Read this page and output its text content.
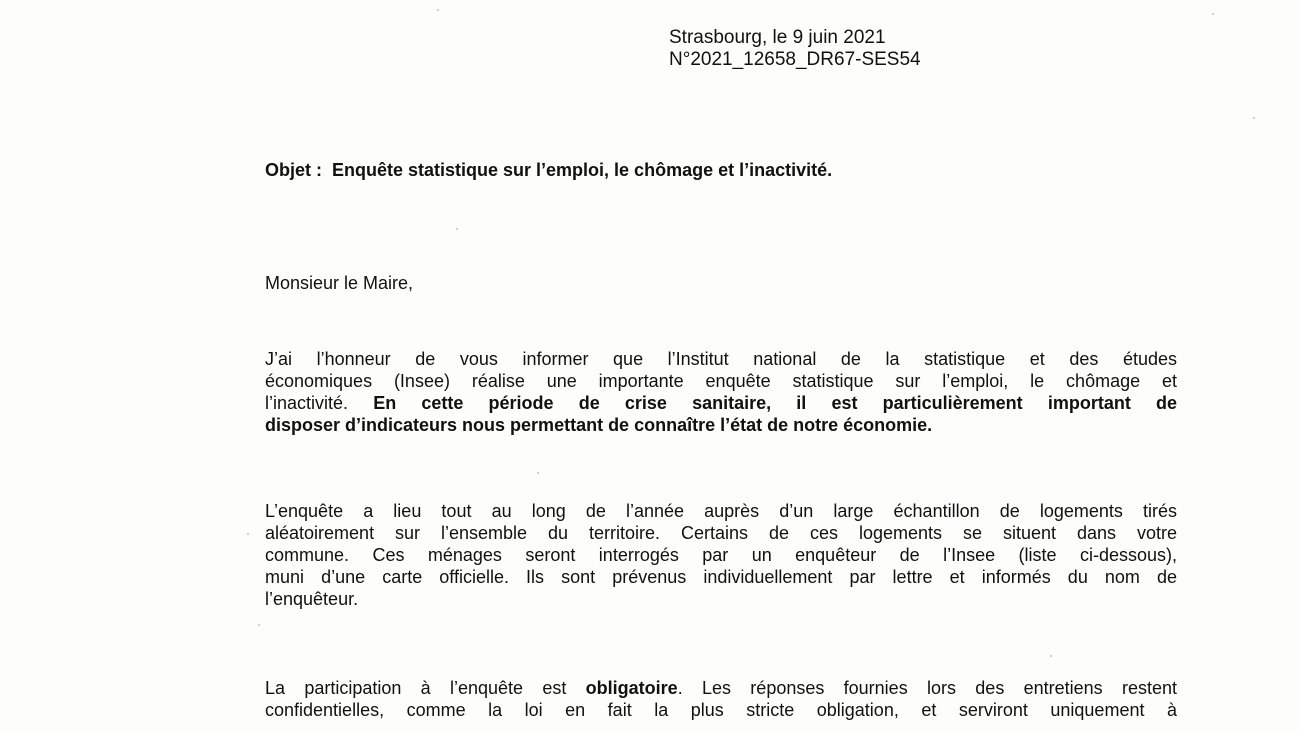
Strasbourg, le 9 juin 2021
N°2021_12658_DR67-SES54
Objet :  Enquête statistique sur l’emploi, le chômage et l’inactivité.
Monsieur le Maire,
J’ai l’honneur de vous informer que l’Institut national de la statistique et des études
économiques (Insee) réalise une importante enquête statistique sur l’emploi, le chômage et
l’inactivité. En cette période de crise sanitaire, il est particulièrement important de
disposer d’indicateurs nous permettant de connaître l’état de notre économie.
L’enquête a lieu tout au long de l’année auprès d’un large échantillon de logements tirés
aléatoirement sur l’ensemble du territoire. Certains de ces logements se situent dans votre
commune. Ces ménages seront interrogés par un enquêteur de l’Insee (liste ci-dessous),
muni d’une carte officielle. Ils sont prévenus individuellement par lettre et informés du nom de
l’enquêteur.
La participation à l’enquête est obligatoire. Les réponses fournies lors des entretiens restent
confidentielles, comme la loi en fait la plus stricte obligation, et serviront uniquement à
